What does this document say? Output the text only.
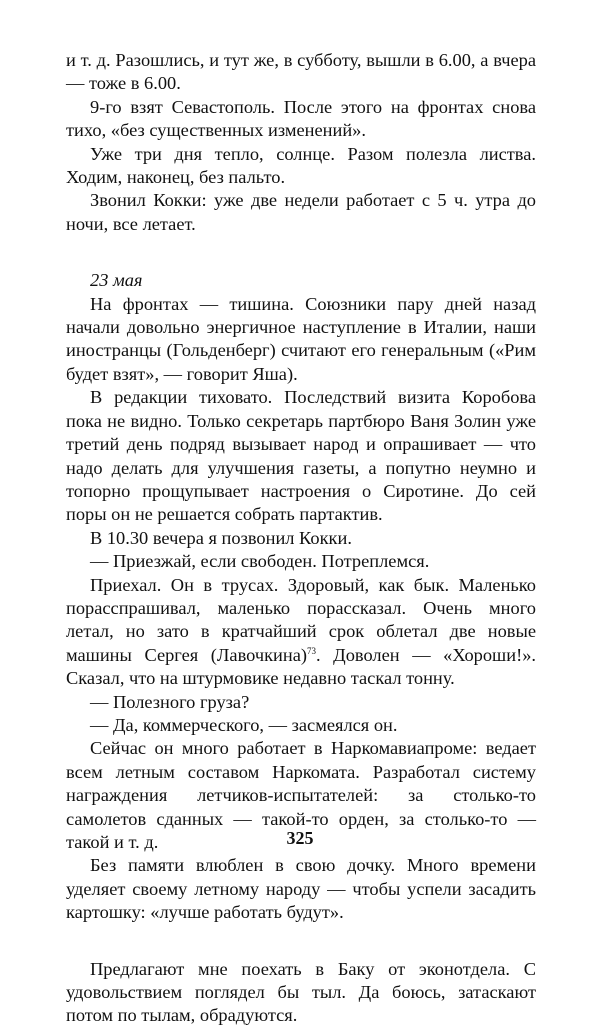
и т. д. Разошлись, и тут же, в субботу, вышли в 6.00, а вчера — тоже в 6.00.

9-го взят Севастополь. После этого на фронтах снова тихо, «без существенных изменений».

Уже три дня тепло, солнце. Разом полезла листва. Ходим, наконец, без пальто.

Звонил Кокки: уже две недели работает с 5 ч. утра до ночи, все летает.

23 мая

На фронтах — тишина. Союзники пару дней назад начали довольно энергичное наступление в Италии, наши иностранцы (Гольденберг) считают его генеральным («Рим будет взят», — говорит Яша).

В редакции тиховато. Последствий визита Коробова пока не видно. Только секретарь партбюро Ваня Золин уже третий день подряд вызывает народ и опрашивает — что надо делать для улучшения газеты, а попутно неумно и топорно прощупывает настроения о Сиротине. До сей поры он не решается собрать партактив.

В 10.30 вечера я позвонил Кокки.

— Приезжай, если свободен. Потреплемся.

Приехал. Он в трусах. Здоровый, как бык. Маленько порасспрашивал, маленько порассказал. Очень много летал, но зато в кратчайший срок облетал две новые машины Сергея (Лавочкина)$^{73}$. Доволен — «Хороши!». Сказал, что на штурмовике недавно таскал тонну.

— Полезного груза?

— Да, коммерческого, — засмеялся он.

Сейчас он много работает в Наркомавиапроме: ведает всем летным составом Наркомата. Разработал систему награждения летчиков-испытателей: за столько-то самолетов сданных — такой-то орден, за столько-то — такой и т. д.

Без памяти влюблен в свою дочку. Много времени уделяет своему летному народу — чтобы успели засадить картошку: «лучше работать будут».

Предлагают мне поехать в Баку от эконотдела. С удовольствием поглядел бы тыл. Да боюсь, затаскают потом по тылам, обрадуются.

325
